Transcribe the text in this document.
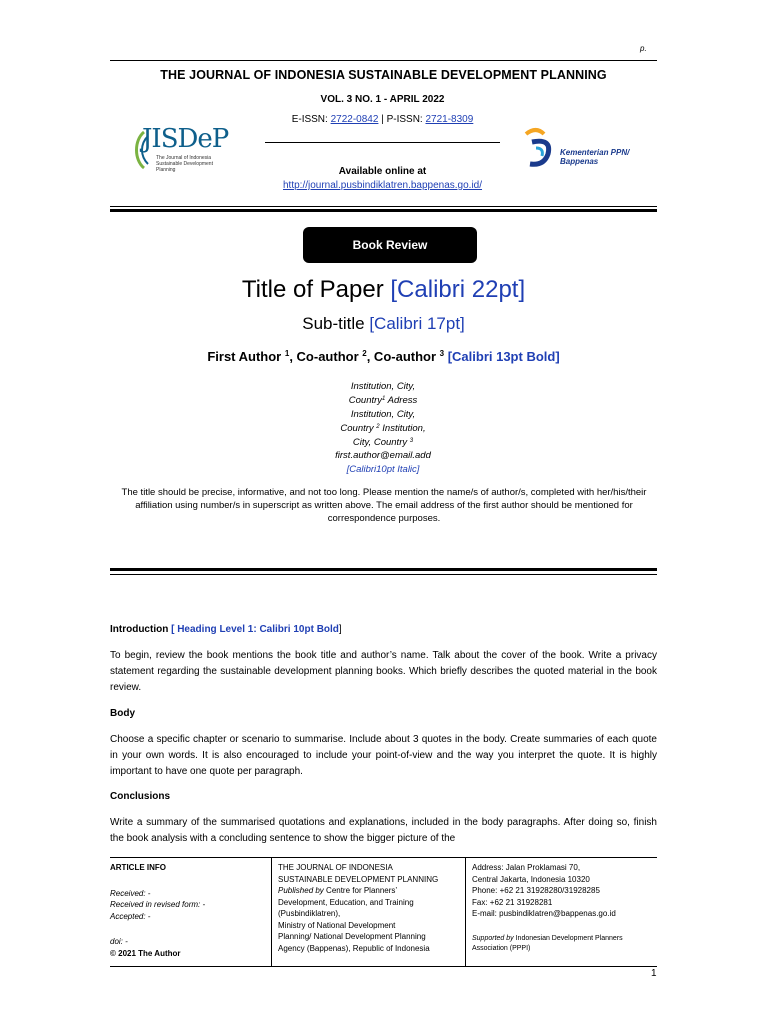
p.
THE JOURNAL OF INDONESIA SUSTAINABLE DEVELOPMENT PLANNING
VOL. 3 NO. 1 - APRIL 2022
E-ISSN: 2722-0842 | P-ISSN: 2721-8309
JISDeP
The Journal of Indonesia Sustainable Development Planning	Available online at
http://journal.pusbindiklatren.bappenas.go.id/
Kementerian PPN/ Bappenas
Book Review
Title of Paper [Calibri 22pt]
Sub-title [Calibri 17pt]
First Author $^1$, Co-author $^2$, Co-author $^3$ [Calibri 13pt Bold]
Institution, City,
Country$^1$ Adress
Institution, City,
Country $^2$ Institution,
City, Country $^3$
first.author@email.add
[Calibri10pt Italic]
The title should be precise, informative, and not too long. Please mention the name/s of author/s, completed with her/his/their affiliation using number/s in superscript as written above. The email address of the first author should be mentioned for correspondence purposes.
Introduction [ Heading Level 1: Calibri 10pt Bold]
To begin, review the book mentions the book title and author’s name. Talk about the cover of the book. Write a privacy statement regarding the sustainable development planning books. Which briefly describes the quoted material in the book review.
Body
Choose a specific chapter or scenario to summarise. Include about 3 quotes in the body. Create summaries of each quote in your own words. It is also encouraged to include your point-of-view and the way you interpret the quote. It is highly important to have one quote per paragraph.
Conclusions
Write a summary of the summarised quotations and explanations, included in the body paragraphs. After doing so, finish the book analysis with a concluding sentence to show the bigger picture of the
ARTICLE INFO
Received: -
Received in revised form: -
Accepted: -
doi: -
© 2021 The Author
THE JOURNAL OF INDONESIA
SUSTAINABLE DEVELOPMENT PLANNING
Published by Centre for Planners’
Development, Education, and Training
(Pusbindiklatren),
Ministry of National Development
Planning/ National Development Planning
Agency (Bappenas), Republic of Indonesia
Address: Jalan Proklamasi 70,
Central Jakarta, Indonesia 10320
Phone: +62 21 31928280/31928285
Fax: +62 21 31928281
E-mail: pusbindiklatren@bappenas.go.id
Supported by Indonesian Development Planners Association (PPPI)
1
